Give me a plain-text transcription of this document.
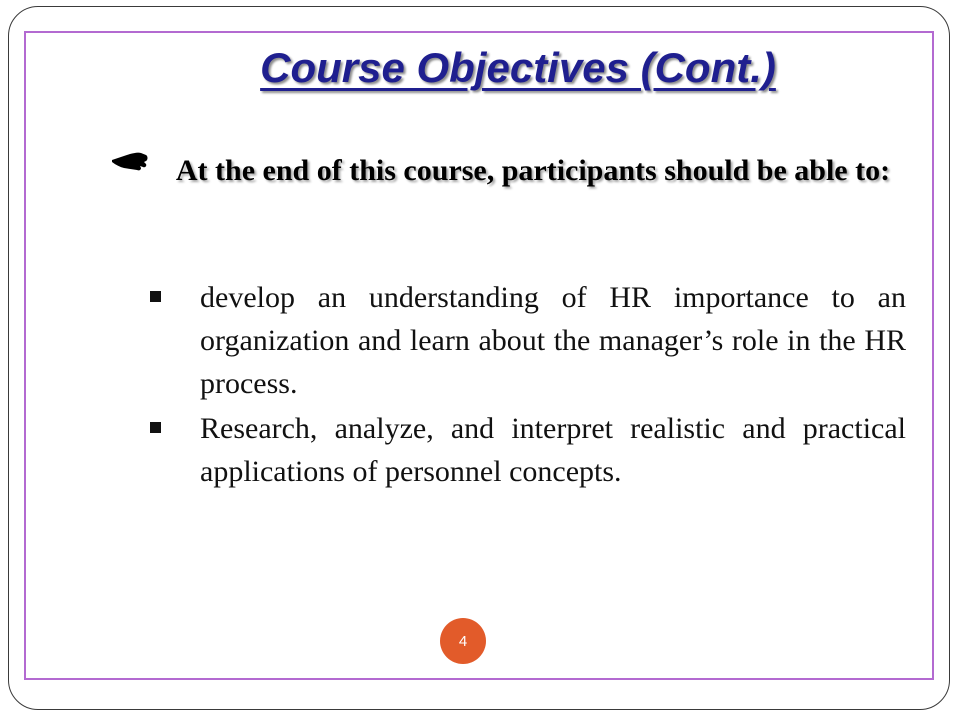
Course Objectives (Cont.)

At the end of this course, participants should be able to:

develop an understanding of HR importance to an organization and learn about the manager’s role in the HR process.
Research, analyze, and interpret realistic and practical applications of personnel concepts.
4
